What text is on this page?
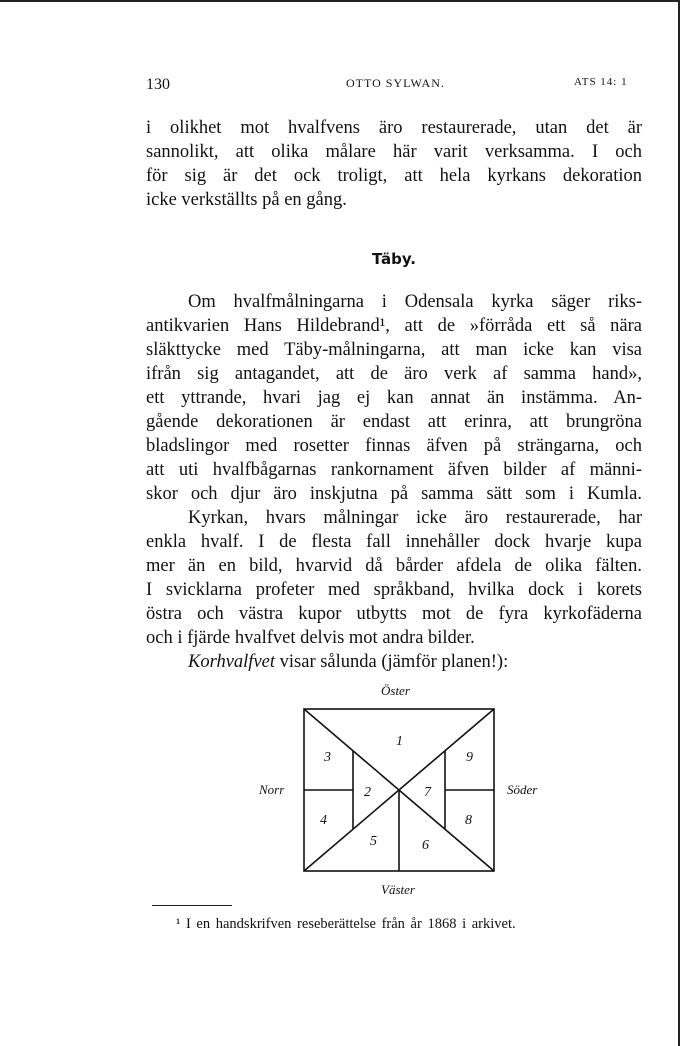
130	OTTO SYLWAN.	ATS 14: 1
i olikhet mot hvalfvens äro restaurerade, utan det är
sannolikt, att olika målare här varit verksamma. I och
för sig är det ock troligt, att hela kyrkans dekoration
icke verkställts på en gång.
Täby.
Om hvalfmålningarna i Odensala kyrka säger riks-
antikvarien Hans Hildebrand¹, att de »förråda ett så nära
släkttycke med Täby-målningarna, att man icke kan visa
ifrån sig antagandet, att de äro verk af samma hand»,
ett yttrande, hvari jag ej kan annat än instämma. An-
gående dekorationen är endast att erinra, att brungröna
bladslingor med rosetter finnas äfven på strängarna, och
att uti hvalfbågarnas rankornament äfven bilder af männi-
skor och djur äro inskjutna på samma sätt som i Kumla.
Kyrkan, hvars målningar icke äro restaurerade, har
enkla hvalf. I de flesta fall innehåller dock hvarje kupa
mer än en bild, hvarvid då bårder afdela de olika fälten.
I svicklarna profeter med språkband, hvilka dock i korets
östra och västra kupor utbytts mot de fyra kyrkofäderna
och i fjärde hvalfvet delvis mot andra bilder.
Korhvalfvet visar sålunda (jämför planen!):
Öster
Norr	Söder
Väster
1
2
3
4
5	6
7
8
9
¹ I en handskrifven reseberättelse från år 1868 i arkivet.
